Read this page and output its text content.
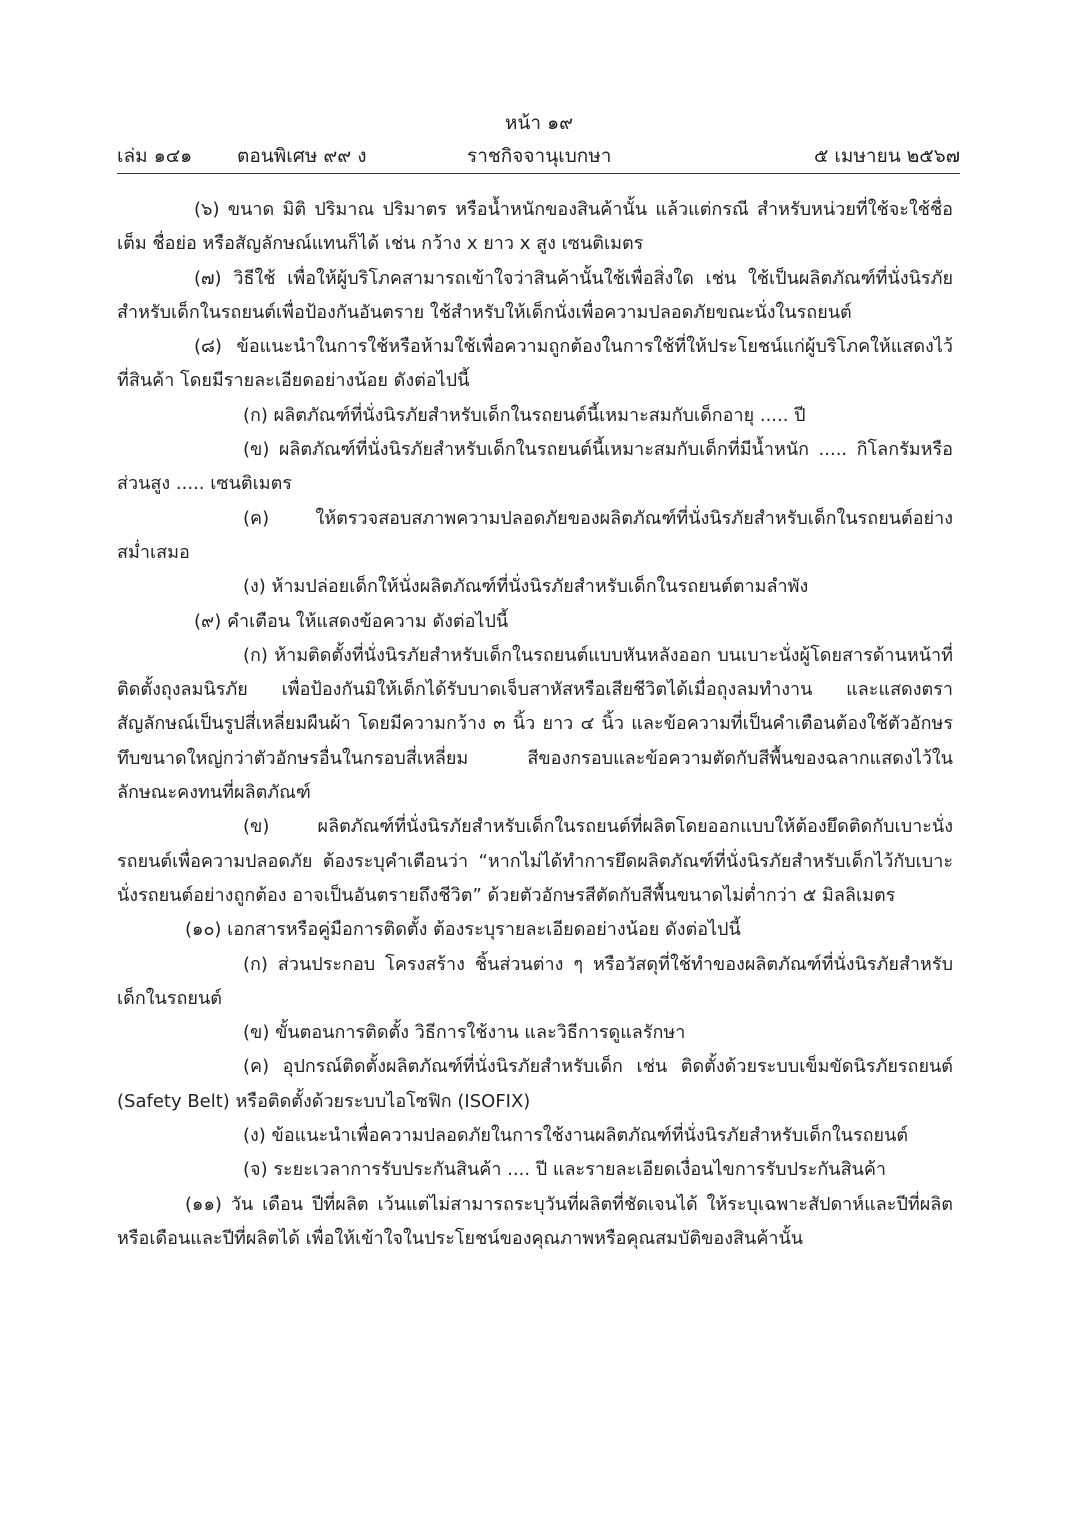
หน้า ๑๙
เล่ม ๑๔๑ ตอนพิเศษ ๙๙ ง	ราชกิจจานุเบกษา	๕ เมษายน ๒๕๖๗

(๖) ขนาด มิติ ปริมาณ ปริมาตร หรือน้ำหนักของสินค้านั้น แล้วแต่กรณี สำหรับหน่วยที่ใช้จะใช้ชื่อเต็ม ชื่อย่อ หรือสัญลักษณ์แทนก็ได้ เช่น กว้าง x ยาว x สูง เซนติเมตร

(๗) วิธีใช้ เพื่อให้ผู้บริโภคสามารถเข้าใจว่าสินค้านั้นใช้เพื่อสิ่งใด เช่น ใช้เป็นผลิตภัณฑ์ที่นั่งนิรภัยสำหรับเด็กในรถยนต์เพื่อป้องกันอันตราย ใช้สำหรับให้เด็กนั่งเพื่อความปลอดภัยขณะนั่งในรถยนต์

(๘) ข้อแนะนำในการใช้หรือห้ามใช้เพื่อความถูกต้องในการใช้ที่ให้ประโยชน์แก่ผู้บริโภคให้แสดงไว้ที่สินค้า โดยมีรายละเอียดอย่างน้อย ดังต่อไปนี้

(ก) ผลิตภัณฑ์ที่นั่งนิรภัยสำหรับเด็กในรถยนต์นี้เหมาะสมกับเด็กอายุ ..... ปี

(ข) ผลิตภัณฑ์ที่นั่งนิรภัยสำหรับเด็กในรถยนต์นี้เหมาะสมกับเด็กที่มีน้ำหนัก ..... กิโลกรัมหรือส่วนสูง ..... เซนติเมตร

(ค) ให้ตรวจสอบสภาพความปลอดภัยของผลิตภัณฑ์ที่นั่งนิรภัยสำหรับเด็กในรถยนต์อย่างสม่ำเสมอ

(ง) ห้ามปล่อยเด็กให้นั่งผลิตภัณฑ์ที่นั่งนิรภัยสำหรับเด็กในรถยนต์ตามลำพัง

(๙) คำเตือน ให้แสดงข้อความ ดังต่อไปนี้

(ก) ห้ามติดตั้งที่นั่งนิรภัยสำหรับเด็กในรถยนต์แบบหันหลังออก บนเบาะนั่งผู้โดยสารด้านหน้าที่ติดตั้งถุงลมนิรภัย เพื่อป้องกันมิให้เด็กได้รับบาดเจ็บสาหัสหรือเสียชีวิตได้เมื่อถุงลมทำงาน และแสดงตราสัญลักษณ์เป็นรูปสี่เหลี่ยมผืนผ้า โดยมีความกว้าง ๓ นิ้ว ยาว ๔ นิ้ว และข้อความที่เป็นคำเตือนต้องใช้ตัวอักษรทึบขนาดใหญ่กว่าตัวอักษรอื่นในกรอบสี่เหลี่ยม สีของกรอบและข้อความตัดกับสีพื้นของฉลากแสดงไว้ในลักษณะคงทนที่ผลิตภัณฑ์

(ข) ผลิตภัณฑ์ที่นั่งนิรภัยสำหรับเด็กในรถยนต์ที่ผลิตโดยออกแบบให้ต้องยึดติดกับเบาะนั่งรถยนต์เพื่อความปลอดภัย ต้องระบุคำเตือนว่า “หากไม่ได้ทำการยึดผลิตภัณฑ์ที่นั่งนิรภัยสำหรับเด็กไว้กับเบาะนั่งรถยนต์อย่างถูกต้อง อาจเป็นอันตรายถึงชีวิต” ด้วยตัวอักษรสีตัดกับสีพื้นขนาดไม่ต่ำกว่า ๕ มิลลิเมตร

(๑๐) เอกสารหรือคู่มือการติดตั้ง ต้องระบุรายละเอียดอย่างน้อย ดังต่อไปนี้

(ก) ส่วนประกอบ โครงสร้าง ชิ้นส่วนต่าง ๆ หรือวัสดุที่ใช้ทำของผลิตภัณฑ์ที่นั่งนิรภัยสำหรับเด็กในรถยนต์

(ข) ขั้นตอนการติดตั้ง วิธีการใช้งาน และวิธีการดูแลรักษา

(ค) อุปกรณ์ติดตั้งผลิตภัณฑ์ที่นั่งนิรภัยสำหรับเด็ก เช่น ติดตั้งด้วยระบบเข็มขัดนิรภัยรถยนต์ (Safety Belt) หรือติดตั้งด้วยระบบไอโซฟิก (ISOFIX)

(ง) ข้อแนะนำเพื่อความปลอดภัยในการใช้งานผลิตภัณฑ์ที่นั่งนิรภัยสำหรับเด็กในรถยนต์

(จ) ระยะเวลาการรับประกันสินค้า .... ปี และรายละเอียดเงื่อนไขการรับประกันสินค้า

(๑๑) วัน เดือน ปีที่ผลิต เว้นแต่ไม่สามารถระบุวันที่ผลิตที่ชัดเจนได้ ให้ระบุเฉพาะสัปดาห์และปีที่ผลิต หรือเดือนและปีที่ผลิตได้ เพื่อให้เข้าใจในประโยชน์ของคุณภาพหรือคุณสมบัติของสินค้านั้น
